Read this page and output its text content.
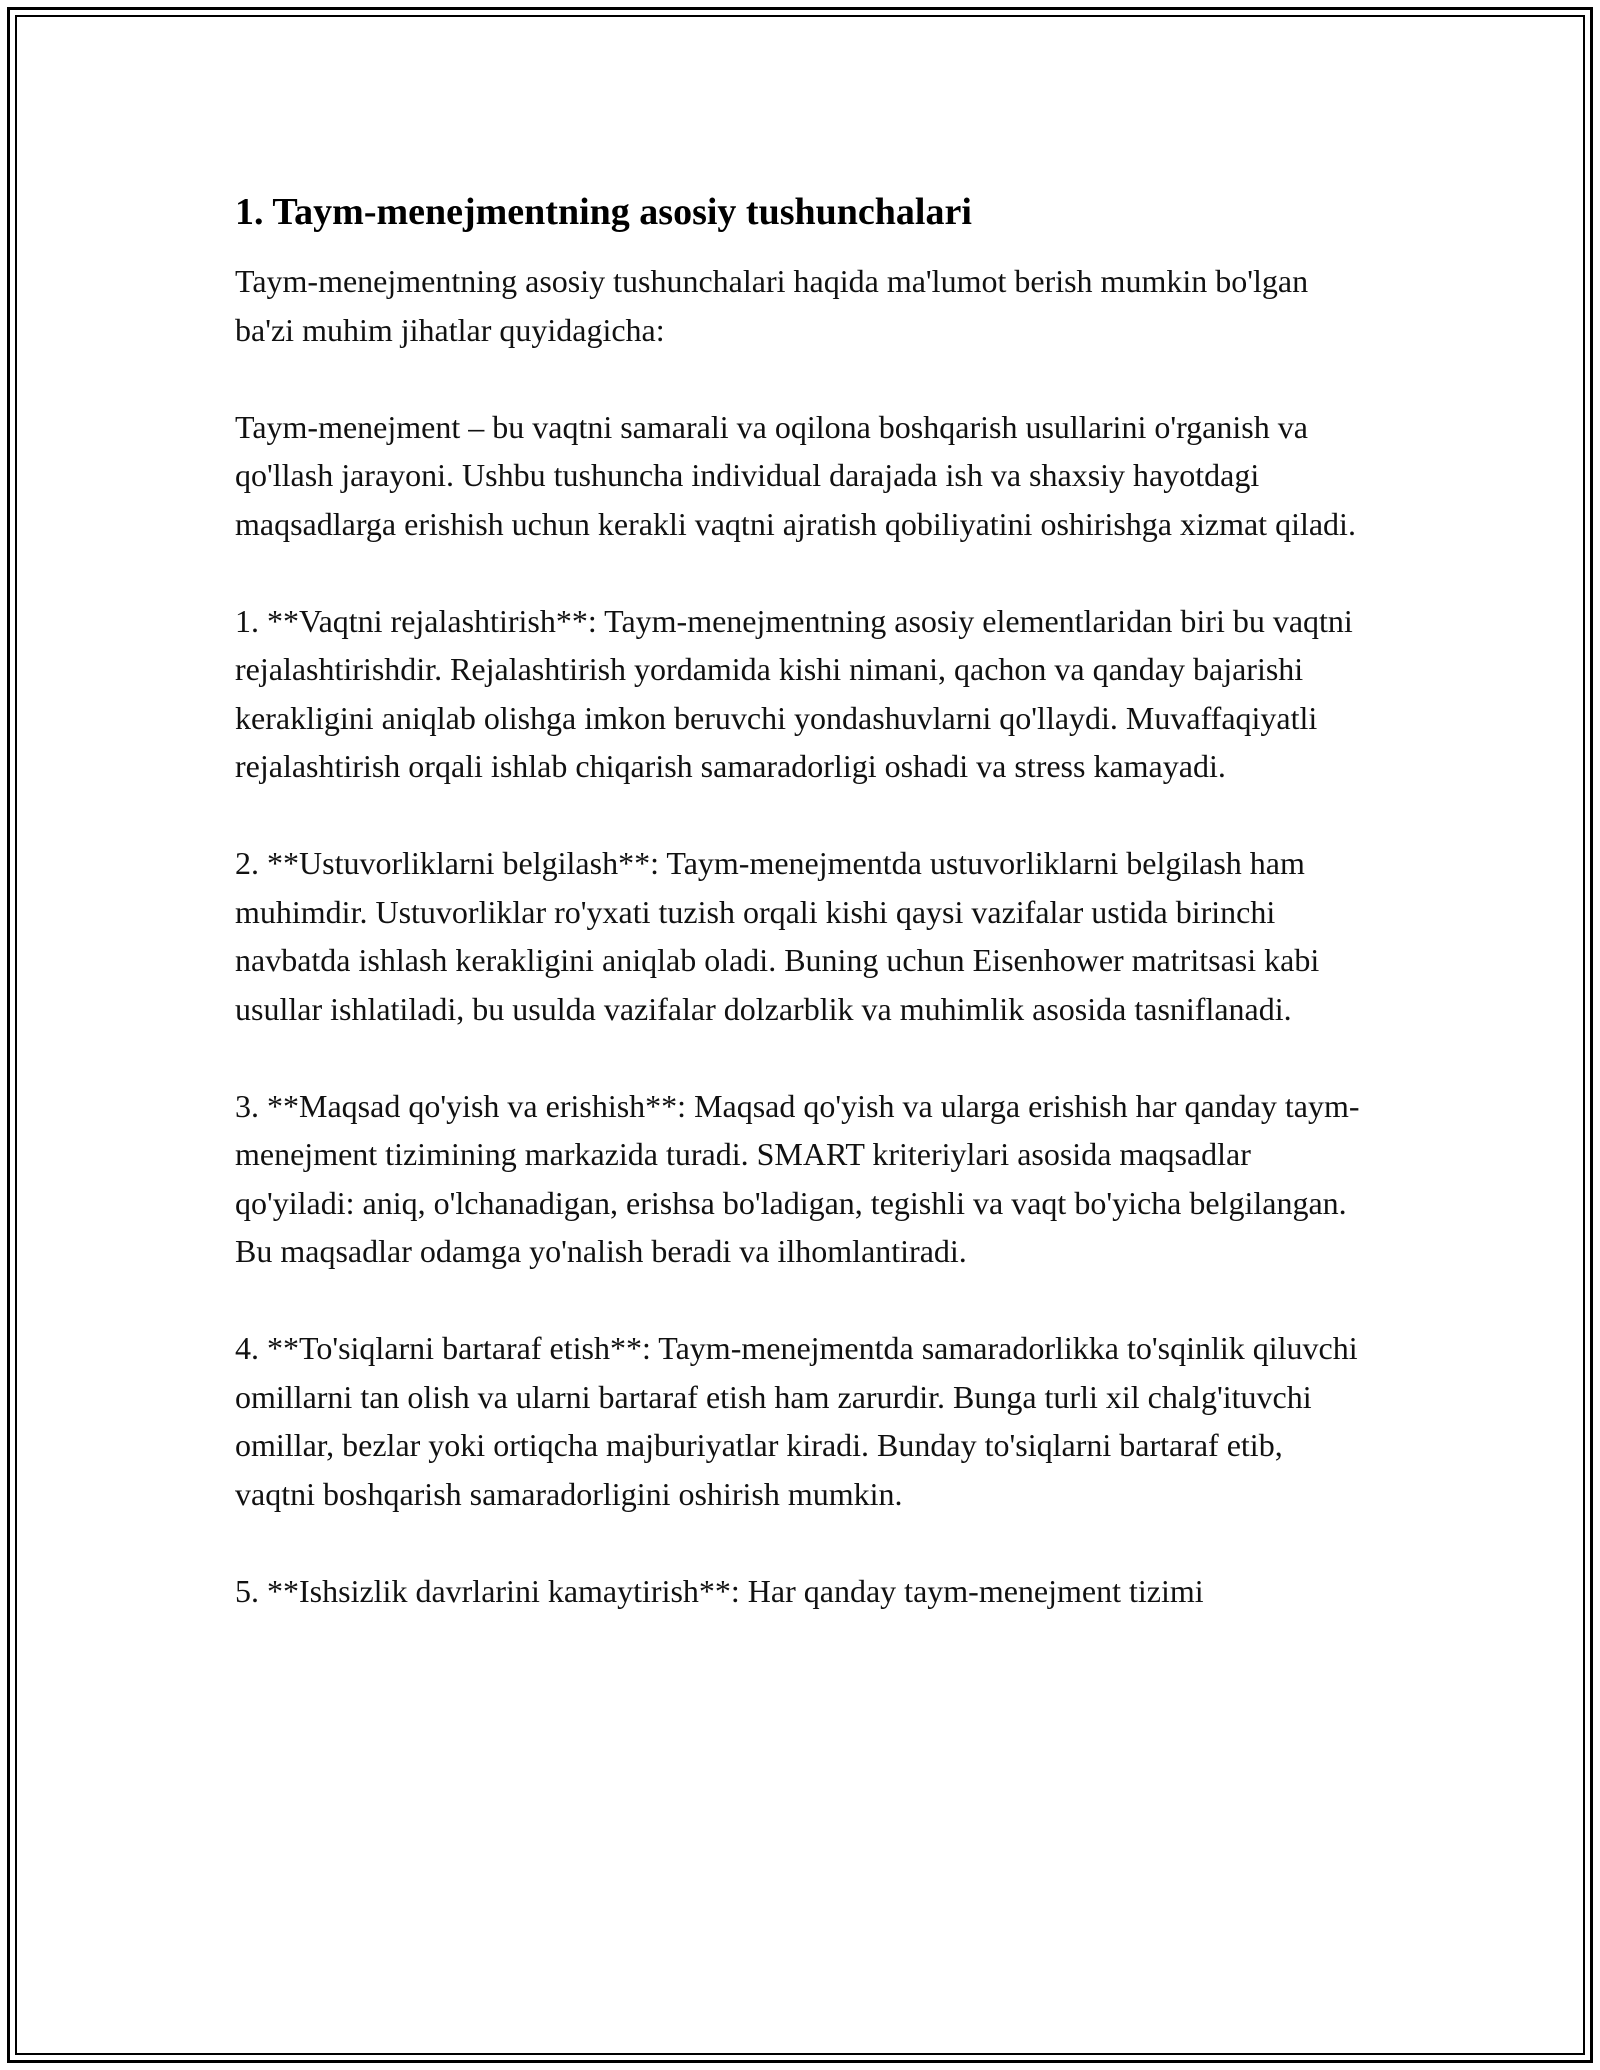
1. Taym-menejmentning asosiy tushunchalari

Taym-menejmentning asosiy tushunchalari haqida ma'lumot berish mumkin bo'lgan ba'zi muhim jihatlar quyidagicha:

Taym-menejment – bu vaqtni samarali va oqilona boshqarish usullarini o'rganish va qo'llash jarayoni. Ushbu tushuncha individual darajada ish va shaxsiy hayotdagi maqsadlarga erishish uchun kerakli vaqtni ajratish qobiliyatini oshirishga xizmat qiladi.

1. **Vaqtni rejalashtirish**: Taym-menejmentning asosiy elementlaridan biri bu vaqtni rejalashtirishdir. Rejalashtirish yordamida kishi nimani, qachon va qanday bajarishi kerakligini aniqlab olishga imkon beruvchi yondashuvlarni qo'llaydi. Muvaffaqiyatli rejalashtirish orqali ishlab chiqarish samaradorligi oshadi va stress kamayadi.

2. **Ustuvorliklarni belgilash**: Taym-menejmentda ustuvorliklarni belgilash ham muhimdir. Ustuvorliklar ro'yxati tuzish orqali kishi qaysi vazifalar ustida birinchi navbatda ishlash kerakligini aniqlab oladi. Buning uchun Eisenhower matritsasi kabi usullar ishlatiladi, bu usulda vazifalar dolzarblik va muhimlik asosida tasniflanadi.

3. **Maqsad qo'yish va erishish**: Maqsad qo'yish va ularga erishish har qanday taym-menejment tizimining markazida turadi. SMART kriteriylari asosida maqsadlar qo'yiladi: aniq, o'lchanadigan, erishsa bo'ladigan, tegishli va vaqt bo'yicha belgilangan. Bu maqsadlar odamga yo'nalish beradi va ilhomlantiradi.

4. **To'siqlarni bartaraf etish**: Taym-menejmentda samaradorlikka to'sqinlik qiluvchi omillarni tan olish va ularni bartaraf etish ham zarurdir. Bunga turli xil chalg'ituvchi omillar, bezlar yoki ortiqcha majburiyatlar kiradi. Bunday to'siqlarni bartaraf etib, vaqtni boshqarish samaradorligini oshirish mumkin.

5. **Ishsizlik davrlarini kamaytirish**: Har qanday taym-menejment tizimi
